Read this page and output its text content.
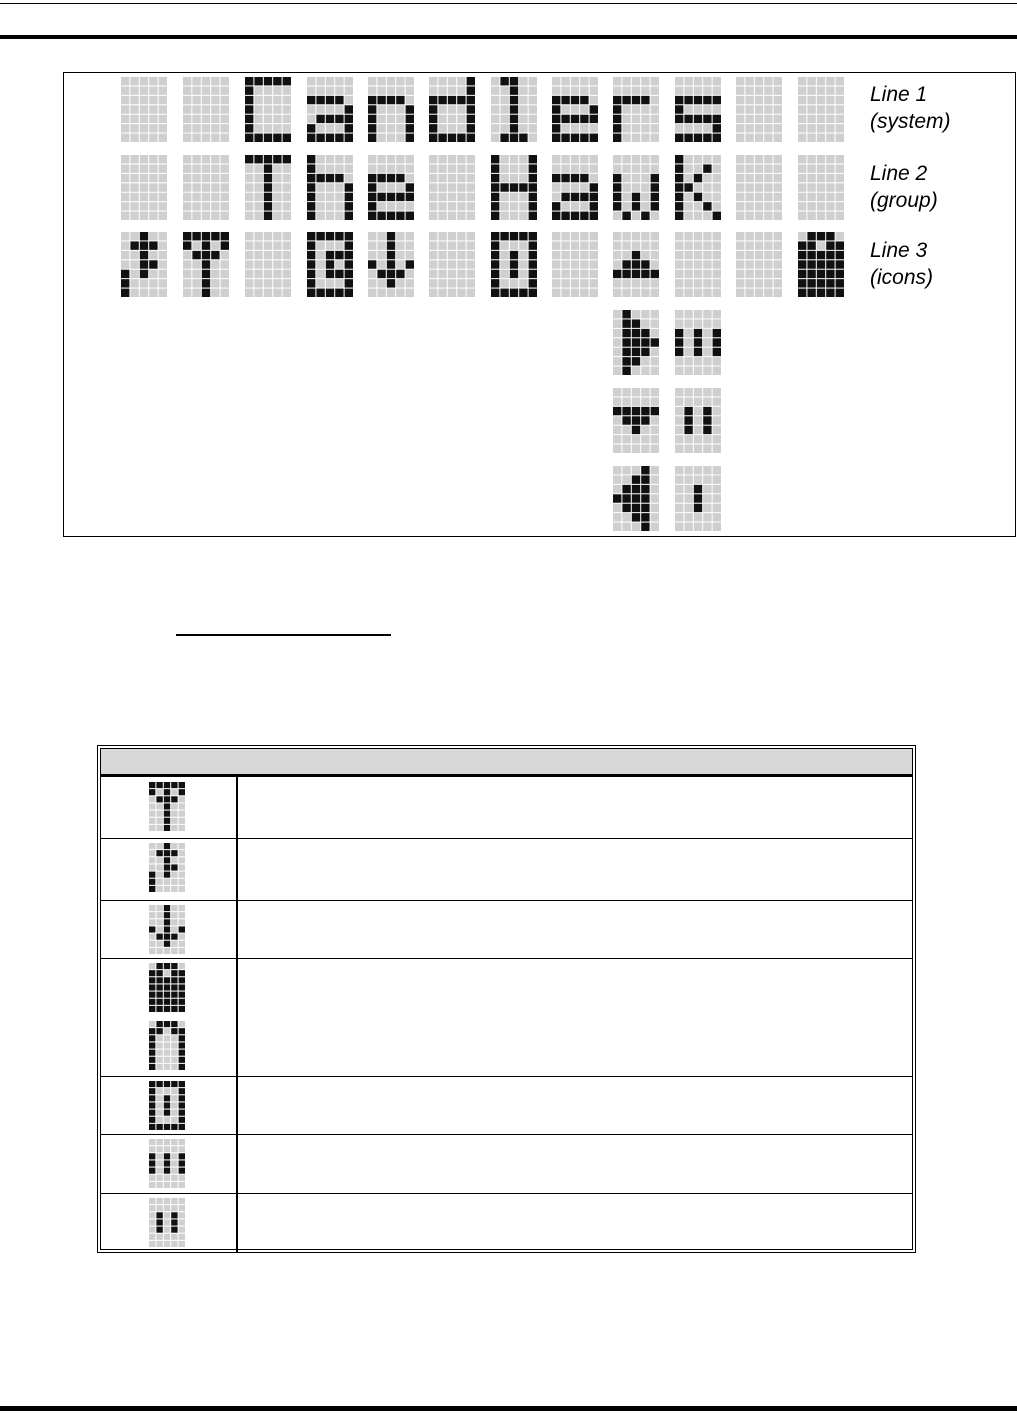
Line 1
(system)
Line 2
(group)
Line 3
(icons)
